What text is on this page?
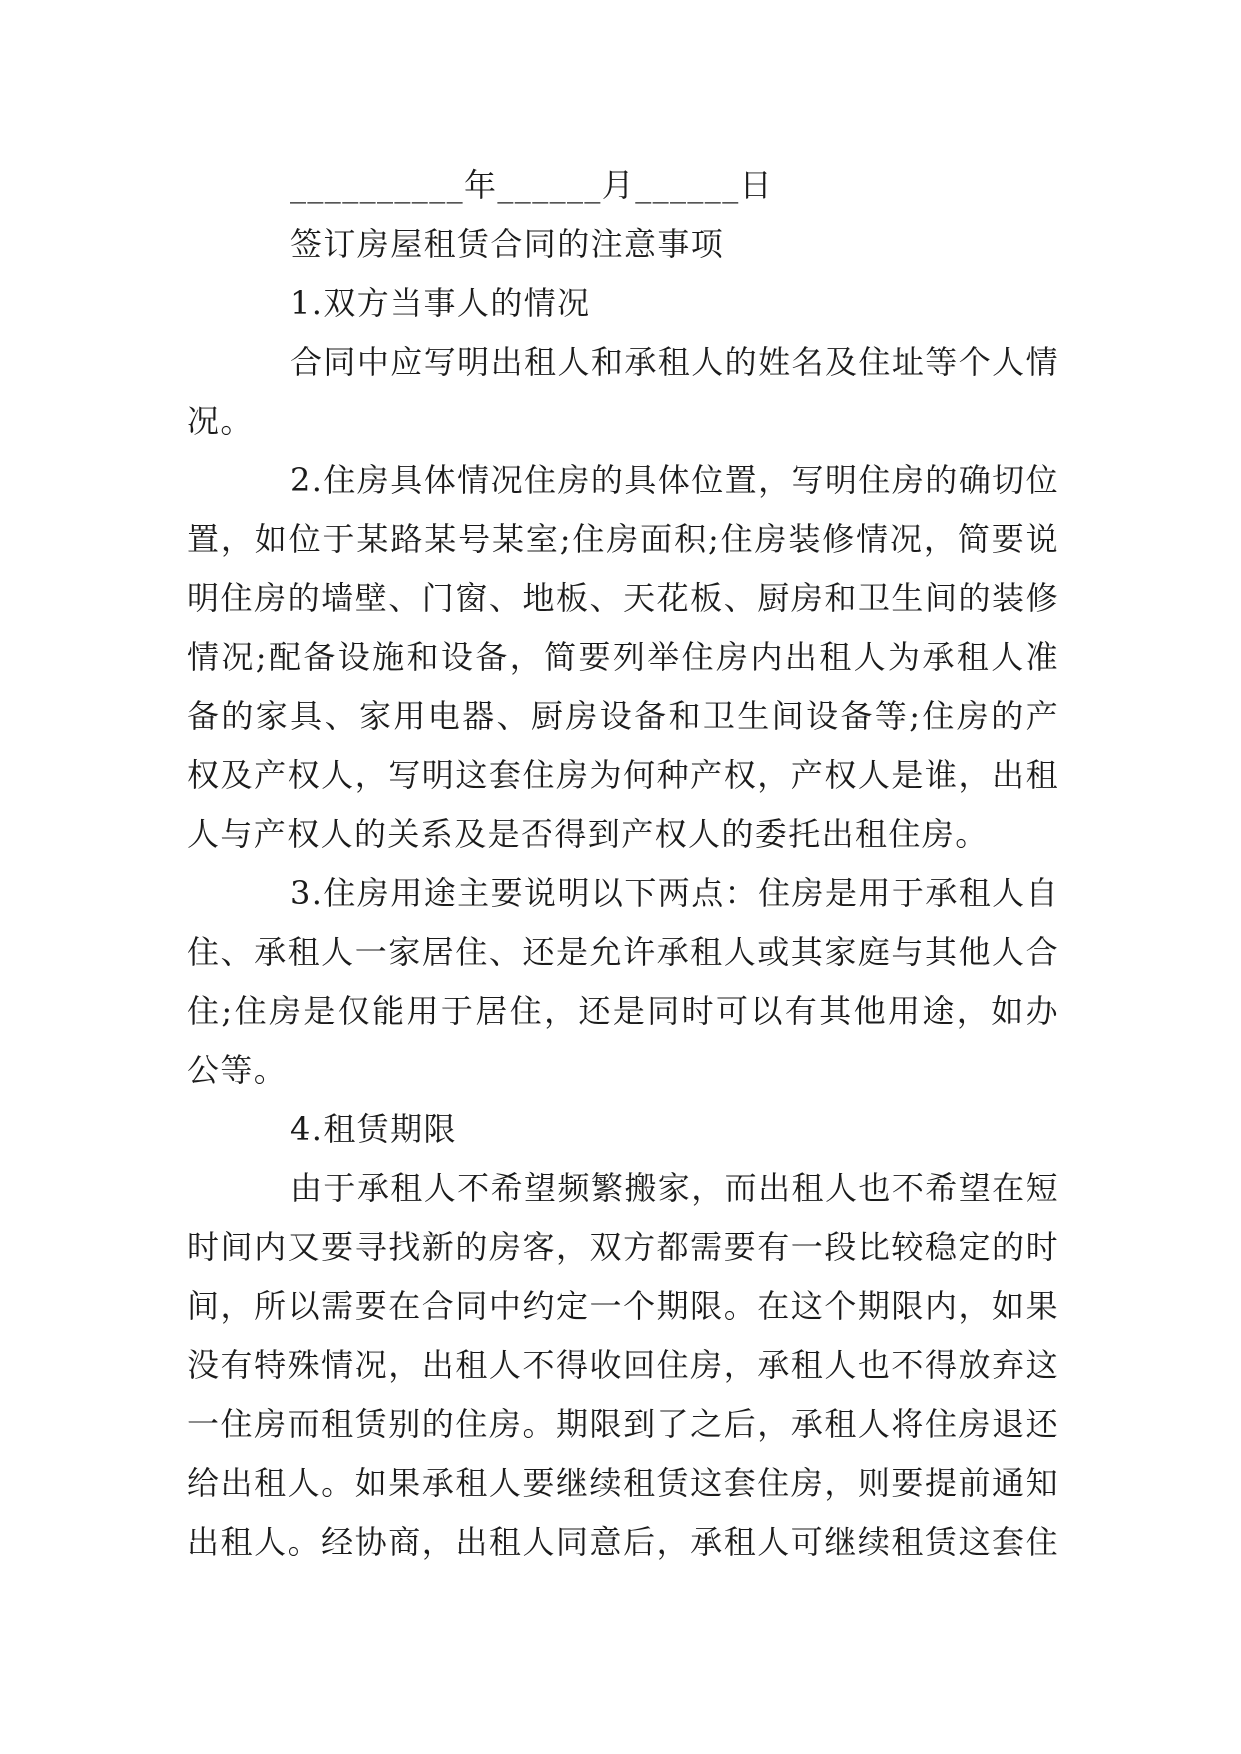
__________年______月______日
签订房屋租赁合同的注意事项
1.双方当事人的情况
合同中应写明出租人和承租人的姓名及住址等个人情
况。
2.住房具体情况住房的具体位置，写明住房的确切位
置，如位于某路某号某室;住房面积;住房装修情况，简要说
明住房的墙壁、门窗、地板、天花板、厨房和卫生间的装修
情况;配备设施和设备，简要列举住房内出租人为承租人准
备的家具、家用电器、厨房设备和卫生间设备等;住房的产
权及产权人，写明这套住房为何种产权，产权人是谁，出租
人与产权人的关系及是否得到产权人的委托出租住房。
3.住房用途主要说明以下两点：住房是用于承租人自
住、承租人一家居住、还是允许承租人或其家庭与其他人合
住;住房是仅能用于居住，还是同时可以有其他用途，如办
公等。
4.租赁期限
由于承租人不希望频繁搬家，而出租人也不希望在短
时间内又要寻找新的房客，双方都需要有一段比较稳定的时
间，所以需要在合同中约定一个期限。在这个期限内，如果
没有特殊情况，出租人不得收回住房，承租人也不得放弃这
一住房而租赁别的住房。期限到了之后，承租人将住房退还
给出租人。如果承租人要继续租赁这套住房，则要提前通知
出租人。经协商，出租人同意后，承租人可继续租赁这套住
